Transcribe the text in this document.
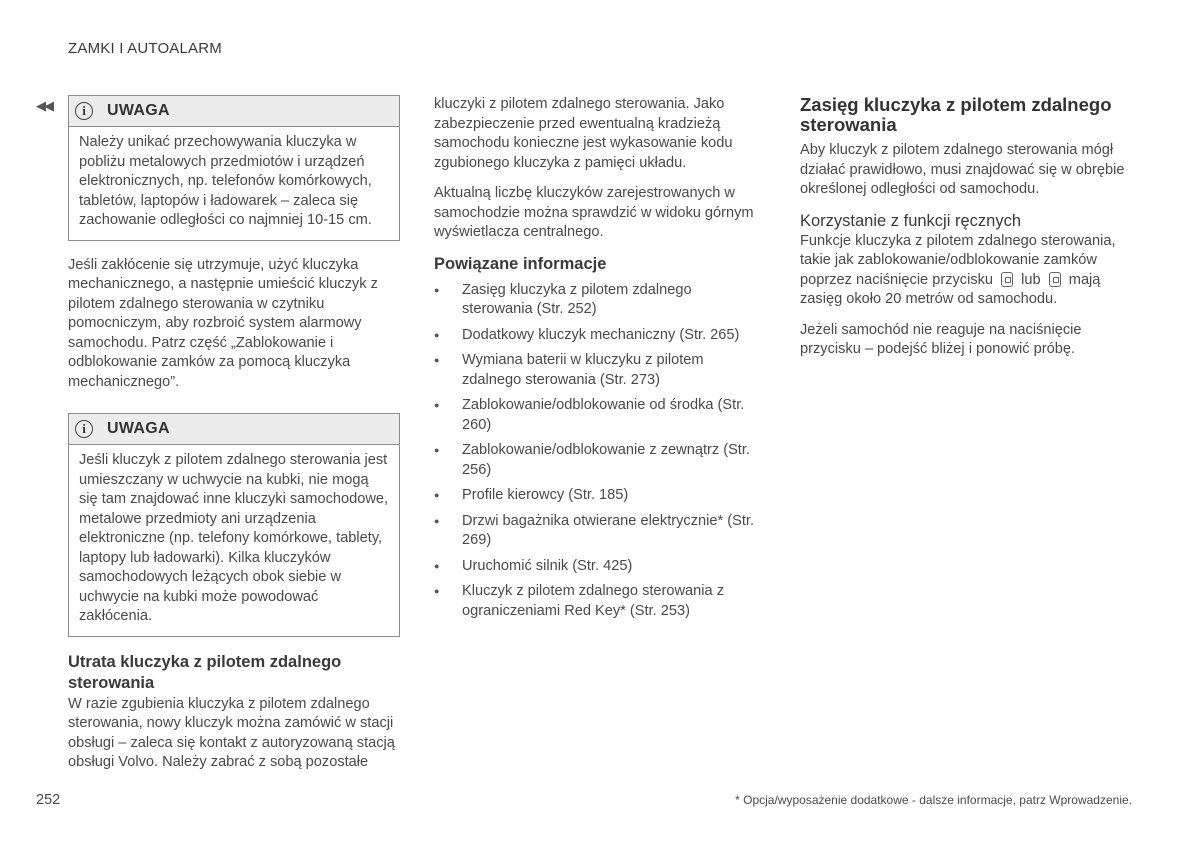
ZAMKI I AUTOALARM
◀◀	i	UWAGA

Należy unikać przechowywania kluczyka w pobliżu metalowych przedmiotów i urządzeń elektronicznych, np. telefonów komórkowych, tabletów, laptopów i ładowarek – zaleca się zachowanie odległości co najmniej 10-15 cm.

Jeśli zakłócenie się utrzymuje, użyć kluczyka mechanicznego, a następnie umieścić kluczyk z pilotem zdalnego sterowania w czytniku pomocniczym, aby rozbroić system alarmowy samochodu. Patrz część „Zablokowanie i odblokowanie zamków za pomocą kluczyka mechanicznego”.

i	UWAGA

Jeśli kluczyk z pilotem zdalnego sterowania jest umieszczany w uchwycie na kubki, nie mogą się tam znajdować inne kluczyki samochodowe, metalowe przedmioty ani urządzenia elektroniczne (np. telefony komórkowe, tablety, laptopy lub ładowarki). Kilka kluczyków samochodowych leżących obok siebie w uchwycie na kubki może powodować zakłócenia.

Utrata kluczyka z pilotem zdalnego sterowania

W razie zgubienia kluczyka z pilotem zdalnego sterowania, nowy kluczyk można zamówić w stacji obsługi – zaleca się kontakt z autoryzowaną stacją obsługi Volvo. Należy zabrać z sobą pozostałe

kluczyki z pilotem zdalnego sterowania. Jako zabezpieczenie przed ewentualną kradzieżą samochodu konieczne jest wykasowanie kodu zgubionego kluczyka z pamięci układu.

Aktualną liczbę kluczyków zarejestrowanych w samochodzie można sprawdzić w widoku górnym wyświetlacza centralnego.

Powiązane informacje
● Zasięg kluczyka z pilotem zdalnego sterowania (Str. 252)
● Dodatkowy kluczyk mechaniczny (Str. 265)
● Wymiana baterii w kluczyku z pilotem zdalnego sterowania (Str. 273)
● Zablokowanie/odblokowanie od środka (Str. 260)
● Zablokowanie/odblokowanie z zewnątrz (Str. 256)
● Profile kierowcy (Str. 185)
● Drzwi bagażnika otwierane elektrycznie* (Str. 269)
● Uruchomić silnik (Str. 425)
● Kluczyk z pilotem zdalnego sterowania z ograniczeniami Red Key* (Str. 253)
Zasięg kluczyka z pilotem zdalnego sterowania

Aby kluczyk z pilotem zdalnego sterowania mógł działać prawidłowo, musi znajdować się w obrębie określonej odległości od samochodu.

Korzystanie z funkcji ręcznych

Funkcje kluczyka z pilotem zdalnego sterowania, takie jak zablokowanie/odblokowanie zamków poprzez naciśnięcie przycisku lub mają zasięg około 20 metrów od samochodu.

Jeżeli samochód nie reaguje na naciśnięcie przycisku – podejść bliżej i ponowić próbę.

252	* Opcja/wyposażenie dodatkowe - dalsze informacje, patrz Wprowadzenie.
